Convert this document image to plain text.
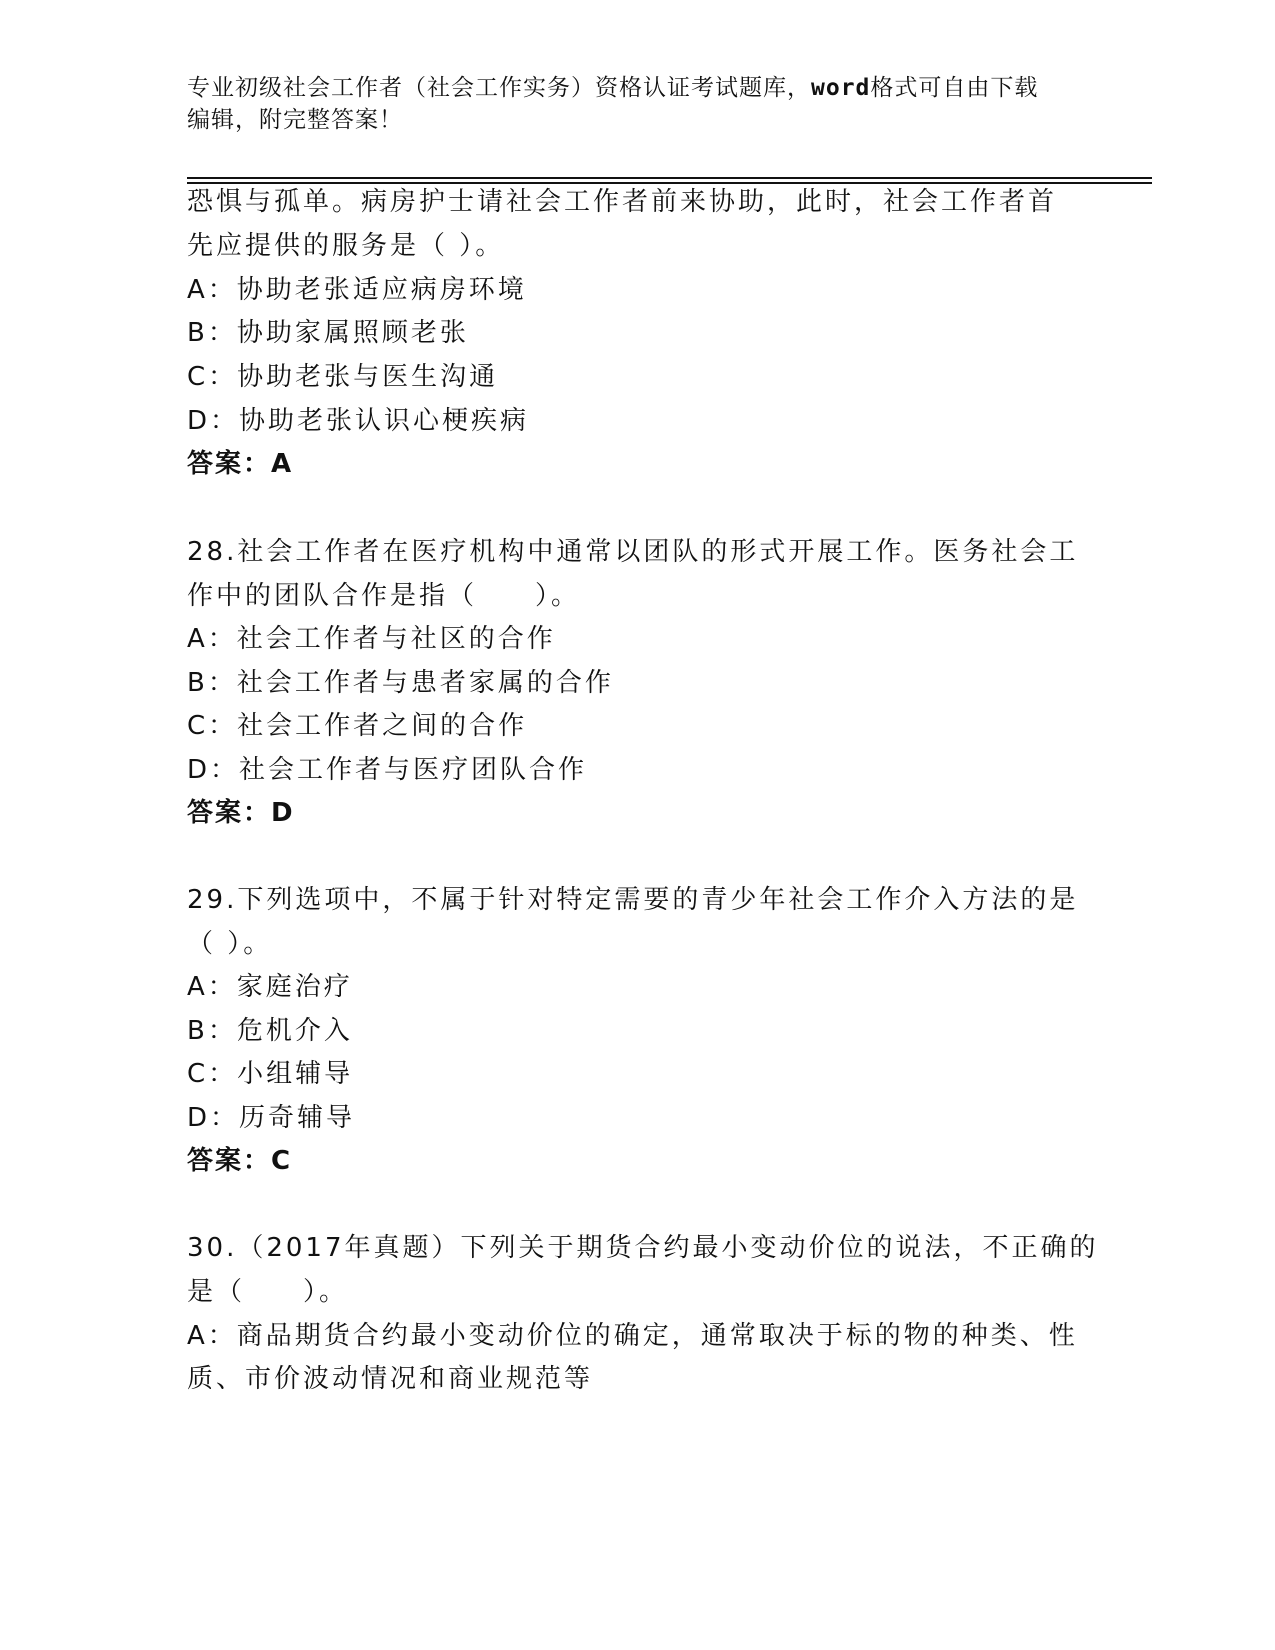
专业初级社会工作者（社会工作实务）资格认证考试题库，word格式可自由下载
编辑，附完整答案！
恐惧与孤单。病房护士请社会工作者前来协助，此时，社会工作者首
先应提供的服务是（ ）。
A：协助老张适应病房环境
B：协助家属照顾老张
C：协助老张与医生沟通
D：协助老张认识心梗疾病
答案：A
28.社会工作者在医疗机构中通常以团队的形式开展工作。医务社会工
作中的团队合作是指（　　）。
A：社会工作者与社区的合作
B：社会工作者与患者家属的合作
C：社会工作者之间的合作
D：社会工作者与医疗团队合作
答案：D
29.下列选项中，不属于针对特定需要的青少年社会工作介入方法的是
（ ）。
A：家庭治疗
B：危机介入
C：小组辅导
D：历奇辅导
答案：C
30.（2017年真题）下列关于期货合约最小变动价位的说法，不正确的
是（　　）。
A：商品期货合约最小变动价位的确定，通常取决于标的物的种类、性
质、市价波动情况和商业规范等
